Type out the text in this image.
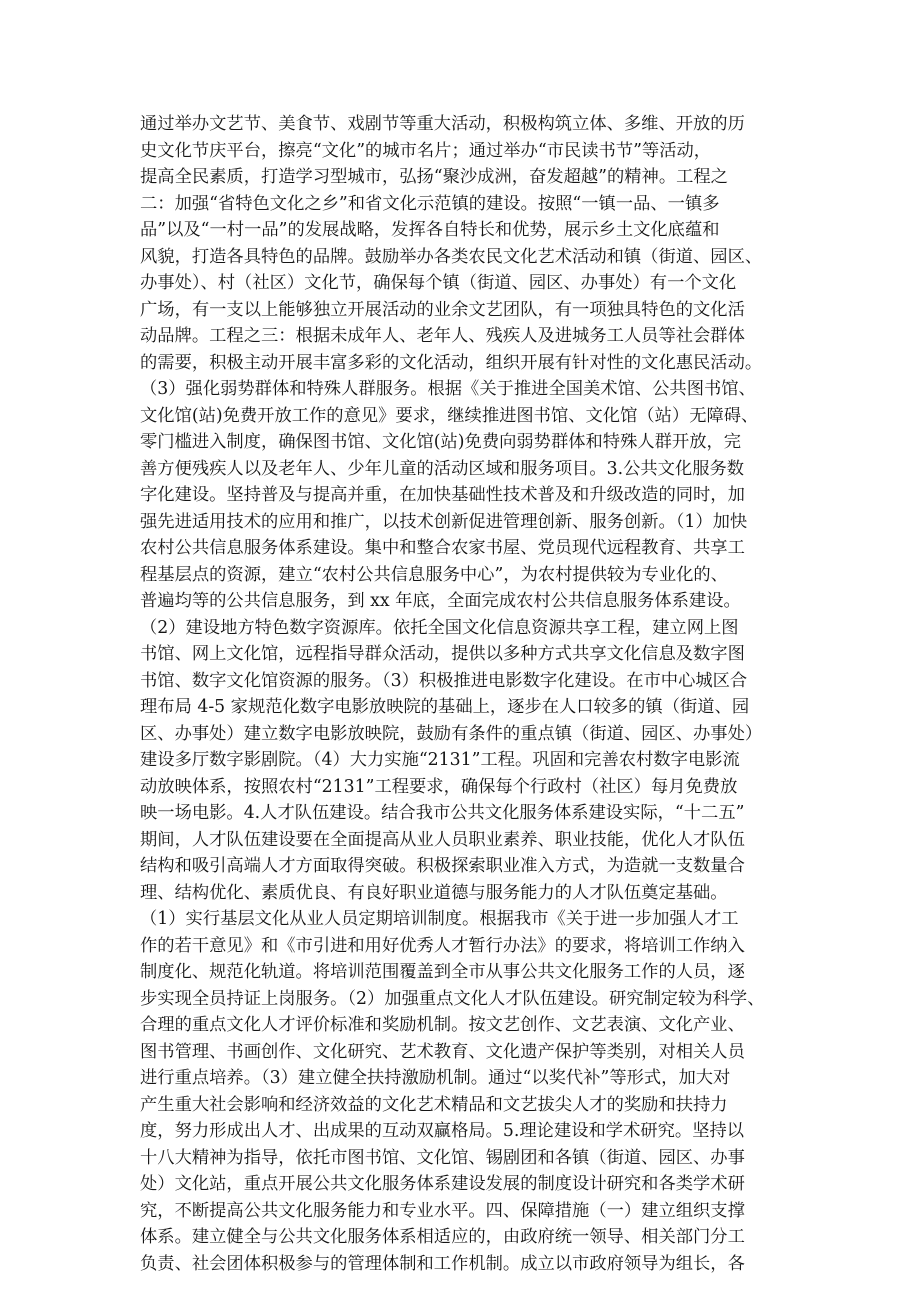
通过举办文艺节、美食节、戏剧节等重大活动，积极构筑立体、多维、开放的历
史文化节庆平台，擦亮“文化”的城市名片；通过举办“市民读书节”等活动，
提高全民素质，打造学习型城市，弘扬“聚沙成洲，奋发超越”的精神。工程之
二：加强“省特色文化之乡”和省文化示范镇的建设。按照“一镇一品、一镇多
品”以及“一村一品”的发展战略，发挥各自特长和优势，展示乡土文化底蕴和
风貌，打造各具特色的品牌。鼓励举办各类农民文化艺术活动和镇（街道、园区、
办事处）、村（社区）文化节，确保每个镇（街道、园区、办事处）有一个文化
广场，有一支以上能够独立开展活动的业余文艺团队，有一项独具特色的文化活
动品牌。工程之三：根据未成年人、老年人、残疾人及进城务工人员等社会群体
的需要，积极主动开展丰富多彩的文化活动，组织开展有针对性的文化惠民活动。
（3）强化弱势群体和特殊人群服务。根据《关于推进全国美术馆、公共图书馆、
文化馆(站)免费开放工作的意见》要求，继续推进图书馆、文化馆（站）无障碍、
零门槛进入制度，确保图书馆、文化馆(站)免费向弱势群体和特殊人群开放，完
善方便残疾人以及老年人、少年儿童的活动区域和服务项目。3.公共文化服务数
字化建设。坚持普及与提高并重，在加快基础性技术普及和升级改造的同时，加
强先进适用技术的应用和推广，以技术创新促进管理创新、服务创新。（1）加快
农村公共信息服务体系建设。集中和整合农家书屋、党员现代远程教育、共享工
程基层点的资源，建立“农村公共信息服务中心”，为农村提供较为专业化的、
普遍均等的公共信息服务，到 xx 年底，全面完成农村公共信息服务体系建设。
（2）建设地方特色数字资源库。依托全国文化信息资源共享工程，建立网上图
书馆、网上文化馆，远程指导群众活动，提供以多种方式共享文化信息及数字图
书馆、数字文化馆资源的服务。（3）积极推进电影数字化建设。在市中心城区合
理布局 4-5 家规范化数字电影放映院的基础上，逐步在人口较多的镇（街道、园
区、办事处）建立数字电影放映院，鼓励有条件的重点镇（街道、园区、办事处）
建设多厅数字影剧院。（4）大力实施“2131”工程。巩固和完善农村数字电影流
动放映体系，按照农村“2131”工程要求，确保每个行政村（社区）每月免费放
映一场电影。4.人才队伍建设。结合我市公共文化服务体系建设实际，“十二五”
期间，人才队伍建设要在全面提高从业人员职业素养、职业技能，优化人才队伍
结构和吸引高端人才方面取得突破。积极探索职业准入方式，为造就一支数量合
理、结构优化、素质优良、有良好职业道德与服务能力的人才队伍奠定基础。
（1）实行基层文化从业人员定期培训制度。根据我市《关于进一步加强人才工
作的若干意见》和《市引进和用好优秀人才暂行办法》的要求，将培训工作纳入
制度化、规范化轨道。将培训范围覆盖到全市从事公共文化服务工作的人员，逐
步实现全员持证上岗服务。（2）加强重点文化人才队伍建设。研究制定较为科学、
合理的重点文化人才评价标准和奖励机制。按文艺创作、文艺表演、文化产业、
图书管理、书画创作、文化研究、艺术教育、文化遗产保护等类别，对相关人员
进行重点培养。（3）建立健全扶持激励机制。通过“以奖代补”等形式，加大对
产生重大社会影响和经济效益的文化艺术精品和文艺拔尖人才的奖励和扶持力
度，努力形成出人才、出成果的互动双赢格局。5.理论建设和学术研究。坚持以
十八大精神为指导，依托市图书馆、文化馆、锡剧团和各镇（街道、园区、办事
处）文化站，重点开展公共文化服务体系建设发展的制度设计研究和各类学术研
究，不断提高公共文化服务能力和专业水平。四、保障措施（一）建立组织支撑
体系。建立健全与公共文化服务体系相适应的，由政府统一领导、相关部门分工
负责、社会团体积极参与的管理体制和工作机制。成立以市政府领导为组长，各
